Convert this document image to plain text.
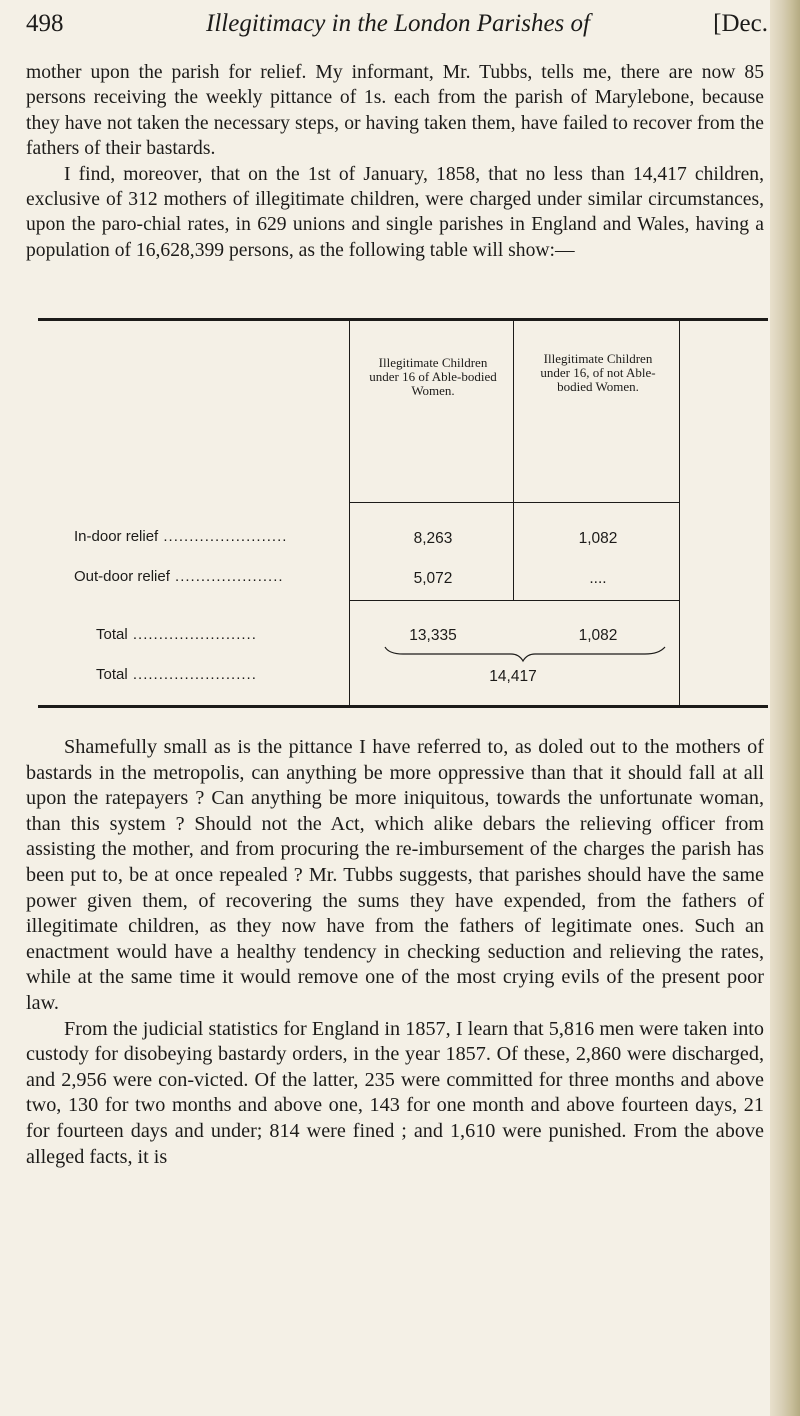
498	Illegitimacy in the London Parishes of	[Dec.

mother upon the parish for relief. My informant, Mr. Tubbs, tells me, there are now 85 persons receiving the weekly pittance of 1s. each from the parish of Marylebone, because they have not taken the necessary steps, or having taken them, have failed to recover from the fathers of their bastards.

I find, moreover, that on the 1st of January, 1858, that no less than 14,417 children, exclusive of 312 mothers of illegitimate children, were charged under similar circumstances, upon the paro-chial rates, in 629 unions and single parishes in England and Wales, having a population of 16,628,399 persons, as the following table will show:—

Illegitimate Children under 16 of Able-bodied Women.
Illegitimate Children under 16, of not Able-bodied Women.
In-door relief ........................	8,263	1,082
Out-door relief .....................	5,072	....
Total ........................	13,335	1,082
Total ........................	14,417

Shamefully small as is the pittance I have referred to, as doled out to the mothers of bastards in the metropolis, can anything be more oppressive than that it should fall at all upon the ratepayers ? Can anything be more iniquitous, towards the unfortunate woman, than this system ? Should not the Act, which alike debars the relieving officer from assisting the mother, and from procuring the re-imbursement of the charges the parish has been put to, be at once repealed ? Mr. Tubbs suggests, that parishes should have the same power given them, of recovering the sums they have expended, from the fathers of illegitimate children, as they now have from the fathers of legitimate ones. Such an enactment would have a healthy tendency in checking seduction and relieving the rates, while at the same time it would remove one of the most crying evils of the present poor law.

From the judicial statistics for England in 1857, I learn that 5,816 men were taken into custody for disobeying bastardy orders, in the year 1857. Of these, 2,860 were discharged, and 2,956 were con-victed. Of the latter, 235 were committed for three months and above two, 130 for two months and above one, 143 for one month and above fourteen days, 21 for fourteen days and under; 814 were fined ; and 1,610 were punished. From the above alleged facts, it is
